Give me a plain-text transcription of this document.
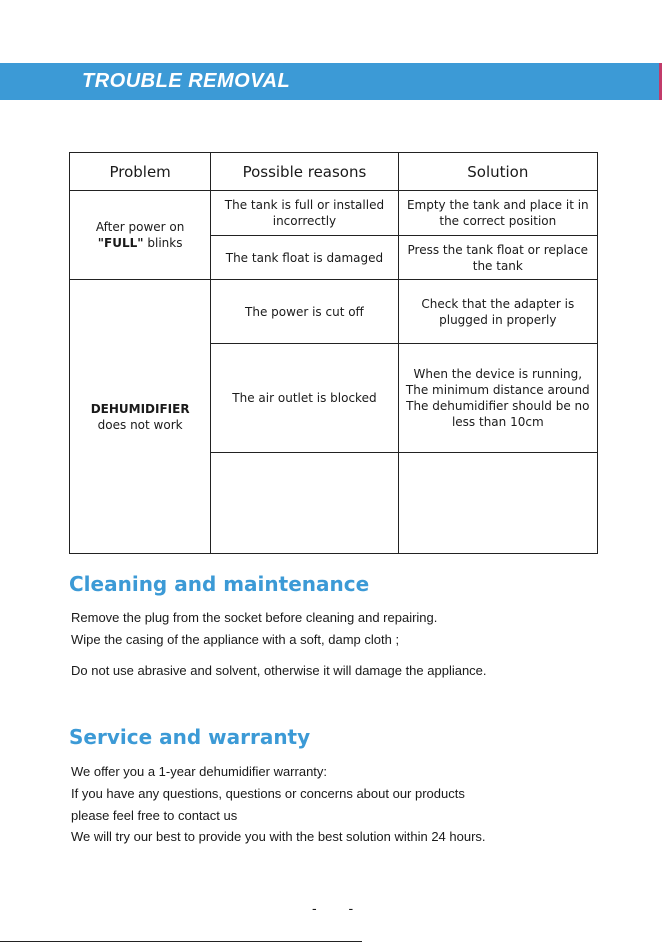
TROUBLE REMOVAL
Problem	Possible reasons	Solution

After power on
"FULL" blinks	The tank is full or installed incorrectly	Empty the tank and place it in the correct position
	The tank float is damaged	Press the tank float or replace the tank

DEHUMIDIFIER
does not work	The power is cut off	Check that the adapter is plugged in properly
	The air outlet is blocked	When the device is running, The minimum distance around The dehumidifier should be no less than 10cm

Cleaning and maintenance
Remove the plug from the socket before cleaning and repairing.
Wipe the casing of the appliance with a soft, damp cloth ;
Do not use abrasive and solvent, otherwise it will damage the appliance.
Service and warranty
We offer you a 1-year dehumidifier warranty:
If you have any questions, questions or concerns about our products
please feel free to contact us
We will try our best to provide you with the best solution within 24 hours.
- -
